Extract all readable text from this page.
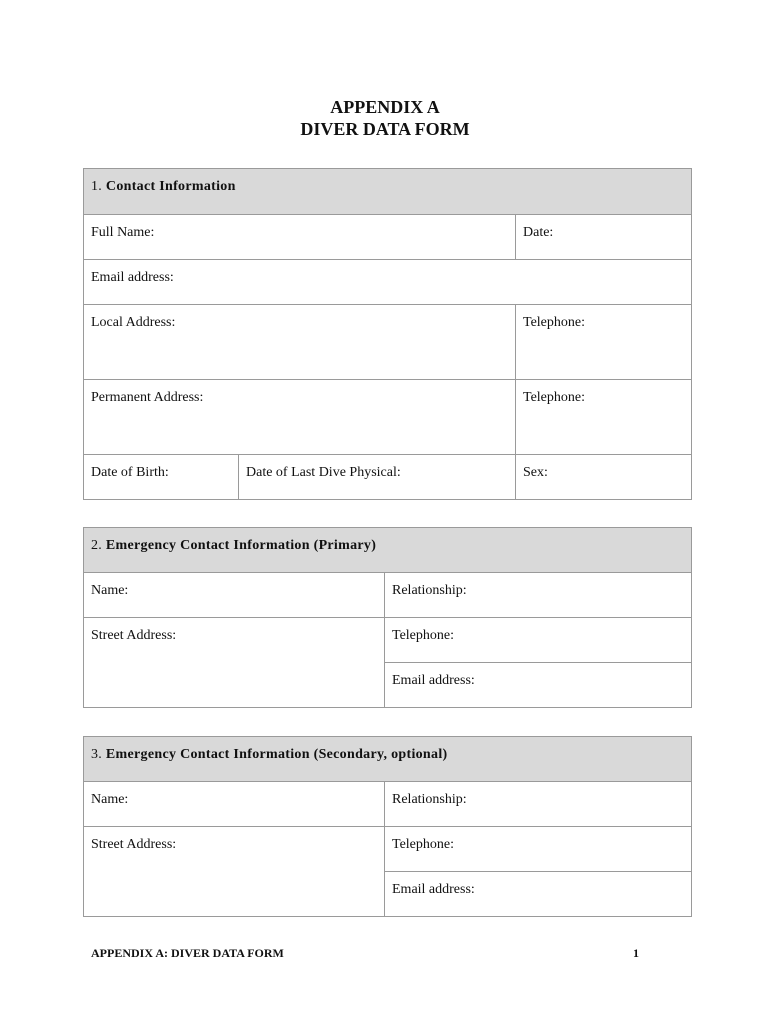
APPENDIX A
DIVER DATA FORM
1. Contact Information		
Full Name:		Date:
Email address:		
Local Address:		Telephone:
Permanent Address:		Telephone:
Date of Birth:	Date of Last Dive Physical:	Sex:
2. Emergency Contact Information (Primary)	
Name:	Relationship:
Street Address:	Telephone:
	Email address:
3. Emergency Contact Information (Secondary, optional)	
Name:	Relationship:
Street Address:	Telephone:
	Email address:
APPENDIX A: DIVER DATA FORM	1
